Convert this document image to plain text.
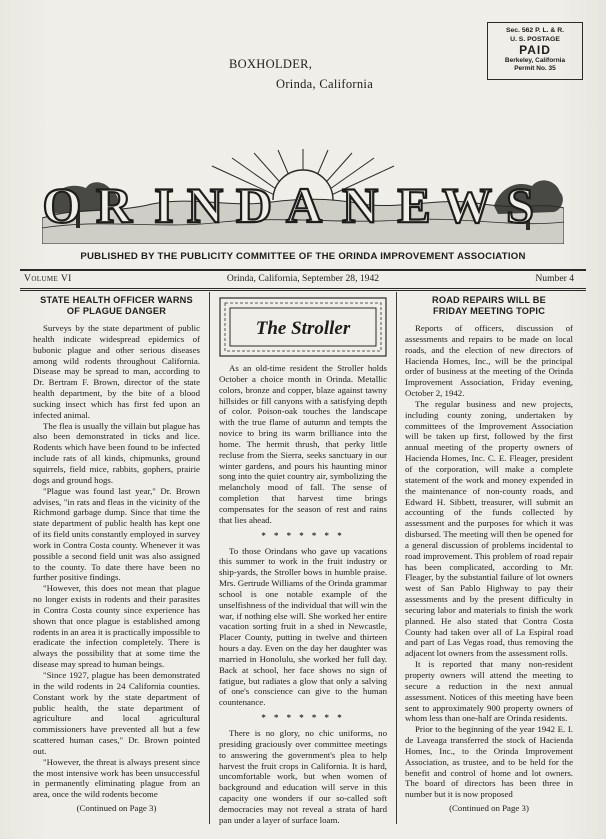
BOXHOLDER,
Orinda, California
Sec. 562 P. L. & R.
U. S. POSTAGE
PAID
Berkeley, California
Permit No. 35
O R I N D A N E W S
PUBLISHED BY THE PUBLICITY COMMITTEE OF THE ORINDA IMPROVEMENT ASSOCIATION
Volume VI	Orinda, California, September 28, 1942	Number 4
STATE HEALTH OFFICER WARNS
OF PLAGUE DANGER

Surveys by the state department of public health indicate widespread epidemics of bubonic plague and other serious diseases among wild rodents throughout California. Disease may be spread to man, according to Dr. Bertram F. Brown, director of the state health department, by the bite of a blood sucking insect which has first fed upon an infected animal.

The flea is usually the villain but plague has also been demonstrated in ticks and lice. Rodents which have been found to be infected include rats of all kinds, chipmunks, ground squirrels, field mice, rabbits, gophers, prairie dogs and ground hogs.

"Plague was found last year," Dr. Brown advises, "in rats and fleas in the vicinity of the Richmond garbage dump. Since that time the state department of public health has kept one of its field units constantly employed in survey work in Contra Costa county. Whenever it was possible a second field unit was also assigned to the county. To date there have been no further positive findings.

"However, this does not mean that plague no longer exists in rodents and their parasites in Contra Costa county since experience has shown that once plague is established among rodents in an area it is practically impossible to eradicate the infection completely. There is always the possibility that at some time the disease may spread to human beings.

"Since 1927, plague has been demonstrated in the wild rodents in 24 California counties. Constant work by the state department of public health, the state department of agriculture and local agricultural commissioners have prevented all but a few scattered human cases," Dr. Brown pointed out.

"However, the threat is always present since the most intensive work has been unsuccessful in permanently eliminating plague from an area, once the wild rodents become

(Continued on Page 3)

The Stroller

As an old-time resident the Stroller holds October a choice month in Orinda. Metallic colors, bronze and copper, blaze against tawny hillsides or fill canyons with a satisfying depth of color. Poison-oak touches the landscape with the true flame of autumn and tempts the novice to bring its warm brilliance into the home. The hermit thrush, that perky little recluse from the Sierra, seeks sanctuary in our winter gardens, and pours his haunting minor song into the quiet country air, symbolizing the melancholy mood of fall. The sense of completion that harvest time brings compensates for the season of rest and rains that lies ahead.

* * * * * * *

To those Orindans who gave up vacations this summer to work in the fruit industry or ship-yards, the Stroller bows in humble praise. Mrs. Gertrude Williams of the Orinda grammar school is one notable example of the unselfishness of the individual that will win the war, if nothing else will. She worked her entire vacation sorting fruit in a shed in Newcastle, Placer County, putting in twelve and thirteen hours a day. Even on the day her daughter was married in Honolulu, she worked her full day. Back at school, her face shows no sign of fatigue, but radiates a glow that only a salving of one's conscience can give to the human countenance.

* * * * * * *

There is no glory, no chic uniforms, no presiding graciously over committee meetings to answering the government's plea to help harvest the fruit crops in California. It is hard, uncomfortable work, but when women of background and education will serve in this capacity one wonders if our so-called soft democracies may not reveal a strata of hard pan under a layer of surface loam.

ROAD REPAIRS WILL BE
FRIDAY MEETING TOPIC

Reports of officers, discussion of assessments and repairs to be made on local roads, and the election of new directors of Hacienda Homes, Inc., will be the principal order of business at the meeting of the Orinda Improvement Association, Friday evening, October 2, 1942.

The regular business and new projects, including county zoning, undertaken by committees of the Improvement Association will be taken up first, followed by the first annual meeting of the property owners of Hacienda Homes, Inc. C. E. Fleager, president of the corporation, will make a complete statement of the work and money expended in the maintenance of non-county roads, and Edward H. Sibbett, treasurer, will submit an accounting of the funds collected by assessment and the purposes for which it was disbursed. The meeting will then be opened for a general discussion of problems incidental to road improvement. This problem of road repair has been complicated, according to Mr. Fleager, by the substantial failure of lot owners west of San Pablo Highway to pay their assessments and by the present difficulty in securing labor and materials to finish the work planned. He also stated that Contra Costa County had taken over all of La Espiral road and part of Las Vegas road, thus removing the adjacent lot owners from the assessment rolls.

It is reported that many non-resident property owners will attend the meeting to secure a reduction in the next annual assessment. Notices of this meeting have been sent to approximately 900 property owners of whom less than one-half are Orinda residents.

Prior to the beginning of the year 1942 E. I. de Laveaga transferred the stock of Hacienda Homes, Inc., to the Orinda Improvement Association, as trustee, and to be held for the benefit and control of home and lot owners. The board of directors has been three in number but it is now proposed

(Continued on Page 3)
